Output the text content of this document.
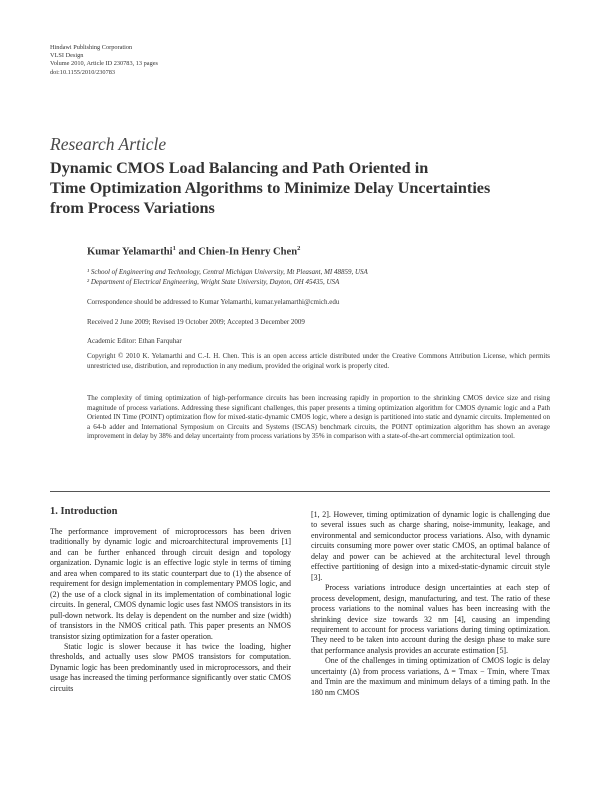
Hindawi Publishing Corporation
VLSI Design
Volume 2010, Article ID 230783, 13 pages
doi:10.1155/2010/230783
Research Article
Dynamic CMOS Load Balancing and Path Oriented in
Time Optimization Algorithms to Minimize Delay Uncertainties
from Process Variations
Kumar Yelamarthi$^1$ and Chien-In Henry Chen$^2$
¹ School of Engineering and Technology, Central Michigan University, Mt Pleasant, MI 48859, USA
² Department of Electrical Engineering, Wright State University, Dayton, OH 45435, USA
Correspondence should be addressed to Kumar Yelamarthi, kumar.yelamarthi@cmich.edu
Received 2 June 2009; Revised 19 October 2009; Accepted 3 December 2009
Academic Editor: Ethan Farquhar
Copyright © 2010 K. Yelamarthi and C.-I. H. Chen. This is an open access article distributed under the Creative Commons Attribution License, which permits unrestricted use, distribution, and reproduction in any medium, provided the original work is properly cited.
The complexity of timing optimization of high-performance circuits has been increasing rapidly in proportion to the shrinking CMOS device size and rising magnitude of process variations. Addressing these significant challenges, this paper presents a timing optimization algorithm for CMOS dynamic logic and a Path Oriented IN Time (POINT) optimization flow for mixed-static-dynamic CMOS logic, where a design is partitioned into static and dynamic circuits. Implemented on a 64-b adder and International Symposium on Circuits and Systems (ISCAS) benchmark circuits, the POINT optimization algorithm has shown an average improvement in delay by 38% and delay uncertainty from process variations by 35% in comparison with a state-of-the-art commercial optimization tool.
1. Introduction

The performance improvement of microprocessors has been driven traditionally by dynamic logic and microarchitectural improvements [1] and can be further enhanced through circuit design and topology organization. Dynamic logic is an effective logic style in terms of timing and area when compared to its static counterpart due to (1) the absence of requirement for design implementation in complementary PMOS logic, and (2) the use of a clock signal in its implementation of combinational logic circuits. In general, CMOS dynamic logic uses fast NMOS transistors in its pull-down network. Its delay is dependent on the number and size (width) of transistors in the NMOS critical path. This paper presents an NMOS transistor sizing optimization for a faster operation.

Static logic is slower because it has twice the loading, higher thresholds, and actually uses slow PMOS transistors for computation. Dynamic logic has been predominantly used in microprocessors, and their usage has increased the timing performance significantly over static CMOS circuits

[1, 2]. However, timing optimization of dynamic logic is challenging due to several issues such as charge sharing, noise-immunity, leakage, and environmental and semiconductor process variations. Also, with dynamic circuits consuming more power over static CMOS, an optimal balance of delay and power can be achieved at the architectural level through effective partitioning of design into a mixed-static-dynamic circuit style [3].

Process variations introduce design uncertainties at each step of process development, design, manufacturing, and test. The ratio of these process variations to the nominal values has been increasing with the shrinking device size towards 32 nm [4], causing an impending requirement to account for process variations during timing optimization. They need to be taken into account during the design phase to make sure that performance analysis provides an accurate estimation [5].

One of the challenges in timing optimization of CMOS logic is delay uncertainty (Δ) from process variations, Δ = Tmax − Tmin, where Tmax and Tmin are the maximum and minimum delays of a timing path. In the 180 nm CMOS
